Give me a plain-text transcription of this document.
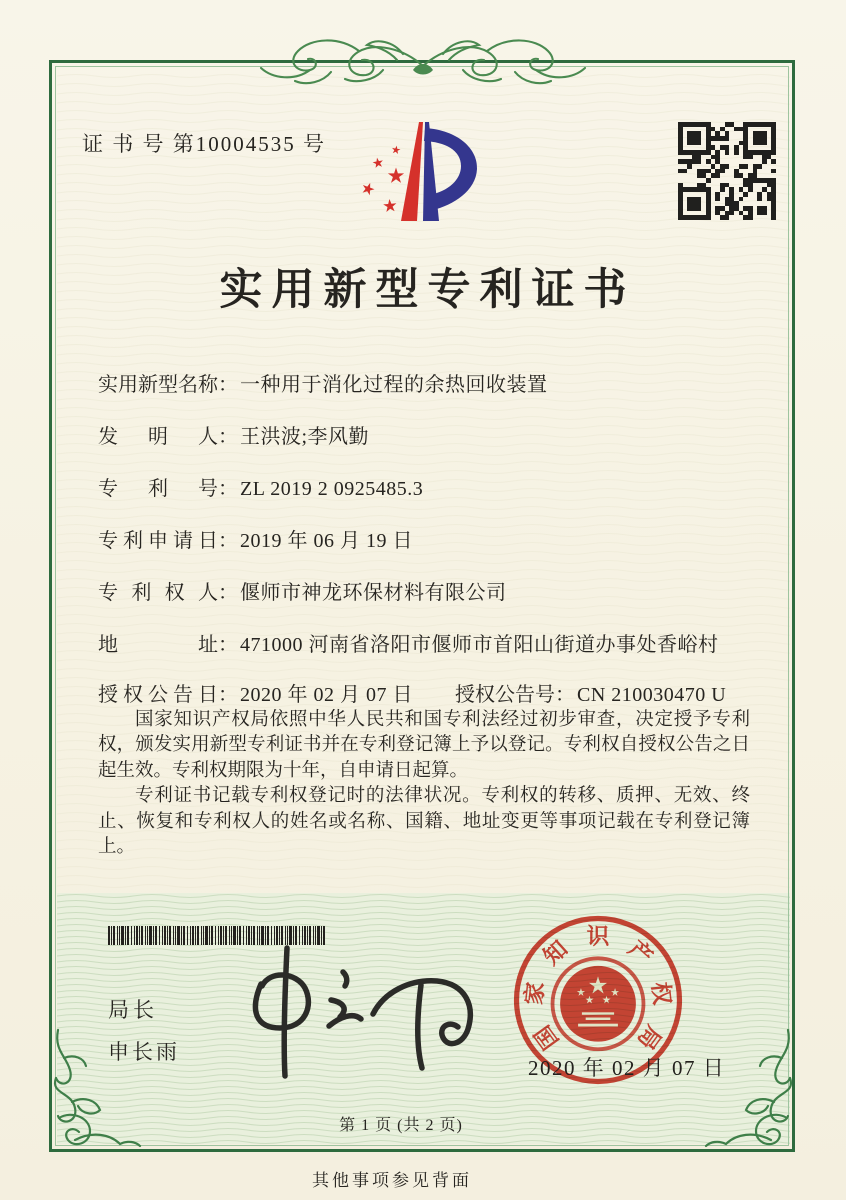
证 书 号 第10004535 号
实用新型专利证书
实用新型名称： 一种用于消化过程的余热回收装置
发明人： 王洪波;李风勤
专利号： ZL 2019 2 0925485.3
专利申请日： 2019 年 06 月 19 日
专利权人： 偃师市神龙环保材料有限公司
地址： 471000 河南省洛阳市偃师市首阳山街道办事处香峪村
授权公告日： 2020 年 02 月 07 日 授权公告号： CN 210030470 U

国家知识产权局依照中华人民共和国专利法经过初步审查，决定授予专利权，颁发实用新型专利证书并在专利登记簿上予以登记。专利权自授权公告之日起生效。专利权期限为十年，自申请日起算。

专利证书记载专利权登记时的法律状况。专利权的转移、质押、无效、终止、恢复和专利权人的姓名或名称、国籍、地址变更等事项记载在专利登记簿上。

局长
申长雨	国
家
知 识 产
权
局
2020 年 02 月 07 日
第 1 页 (共 2 页)
其他事项参见背面
